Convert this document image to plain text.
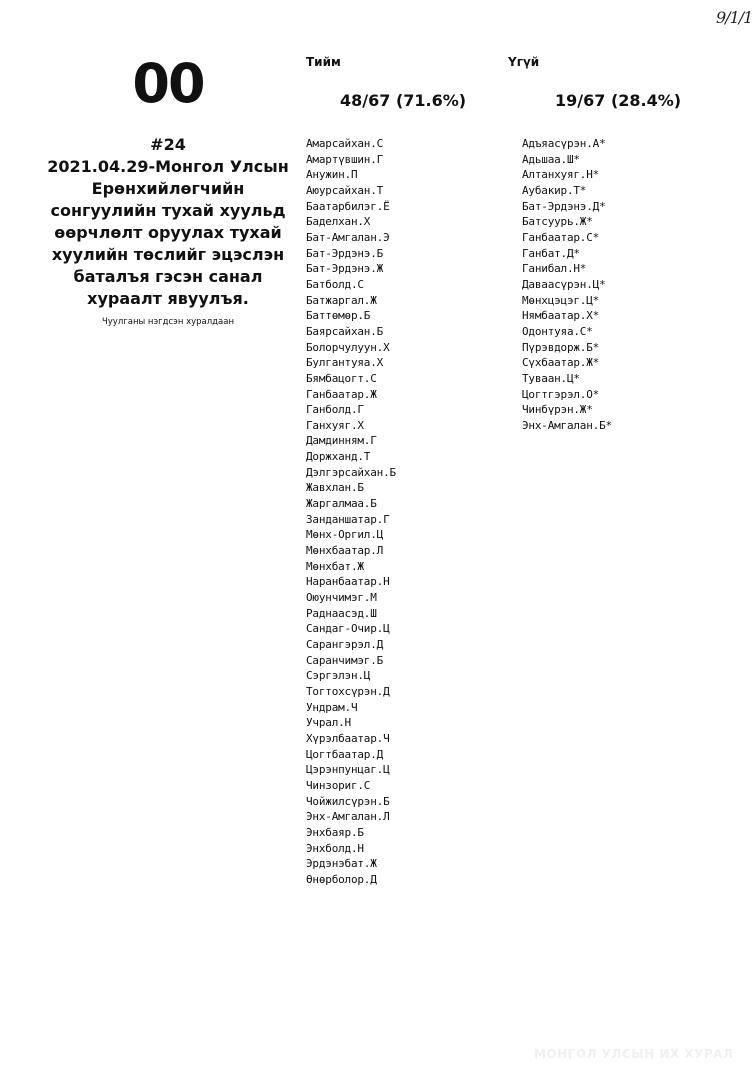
9/1/1
00
#24
2021.04.29-Монгол Улсын Ерөнхийлөгчийн сонгуулийн тухай хуульд өөрчлөлт оруулах тухай хуулийн төслийг эцэслэн баталъя гэсэн санал хураалт явуулъя.
Чуулганы нэгдсэн хуралдаан
Тийм
48/67 (71.6%)
Амарсайхан.С
Амартүвшин.Г
Анужин.П
Аюурсайхан.Т
Баатарбилэг.Ё
Баделхан.Х
Бат-Амгалан.Э
Бат-Эрдэнэ.Б
Бат-Эрдэнэ.Ж
Батболд.С
Батжаргал.Ж
Баттөмөр.Б
Баярсайхан.Б
Болорчулуун.Х
Булгантуяа.Х
Бямбацогт.С
Ганбаатар.Ж
Ганболд.Г
Ганхуяг.Х
Дамдинням.Г
Доржханд.Т
Дэлгэрсайхан.Б
Жавхлан.Б
Жаргалмаа.Б
Занданшатар.Г
Мөнх-Оргил.Ц
Мөнхбаатар.Л
Мөнхбат.Ж
Наранбаатар.Н
Оюунчимэг.М
Раднаасэд.Ш
Сандаг-Очир.Ц
Сарангэрэл.Д
Саранчимэг.Б
Сэргэлэн.Ц
Тогтохсүрэн.Д
Ундрам.Ч
Учрал.Н
Хүрэлбаатар.Ч
Цогтбаатар.Д
Цэрэнпунцаг.Ц
Чинзориг.С
Чойжилсүрэн.Б
Энх-Амгалан.Л
Энхбаяр.Б
Энхболд.Н
Эрдэнэбат.Ж
Өнөрболор.Д
Үгүй
19/67 (28.4%)
Адъяасүрэн.А*
Адьшаа.Ш*
Алтанхуяг.Н*
Аубакир.Т*
Бат-Эрдэнэ.Д*
Батсуурь.Ж*
Ганбаатар.С*
Ганбат.Д*
Ганибал.Н*
Даваасүрэн.Ц*
Мөнхцэцэг.Ц*
Нямбаатар.Х*
Одонтуяа.С*
Пүрэвдорж.Б*
Сүхбаатар.Ж*
Туваан.Ц*
Цогтгэрэл.О*
Чинбүрэн.Ж*
Энх-Амгалан.Б*
МОНГОЛ УЛСЫН ИХ ХУРАЛ
